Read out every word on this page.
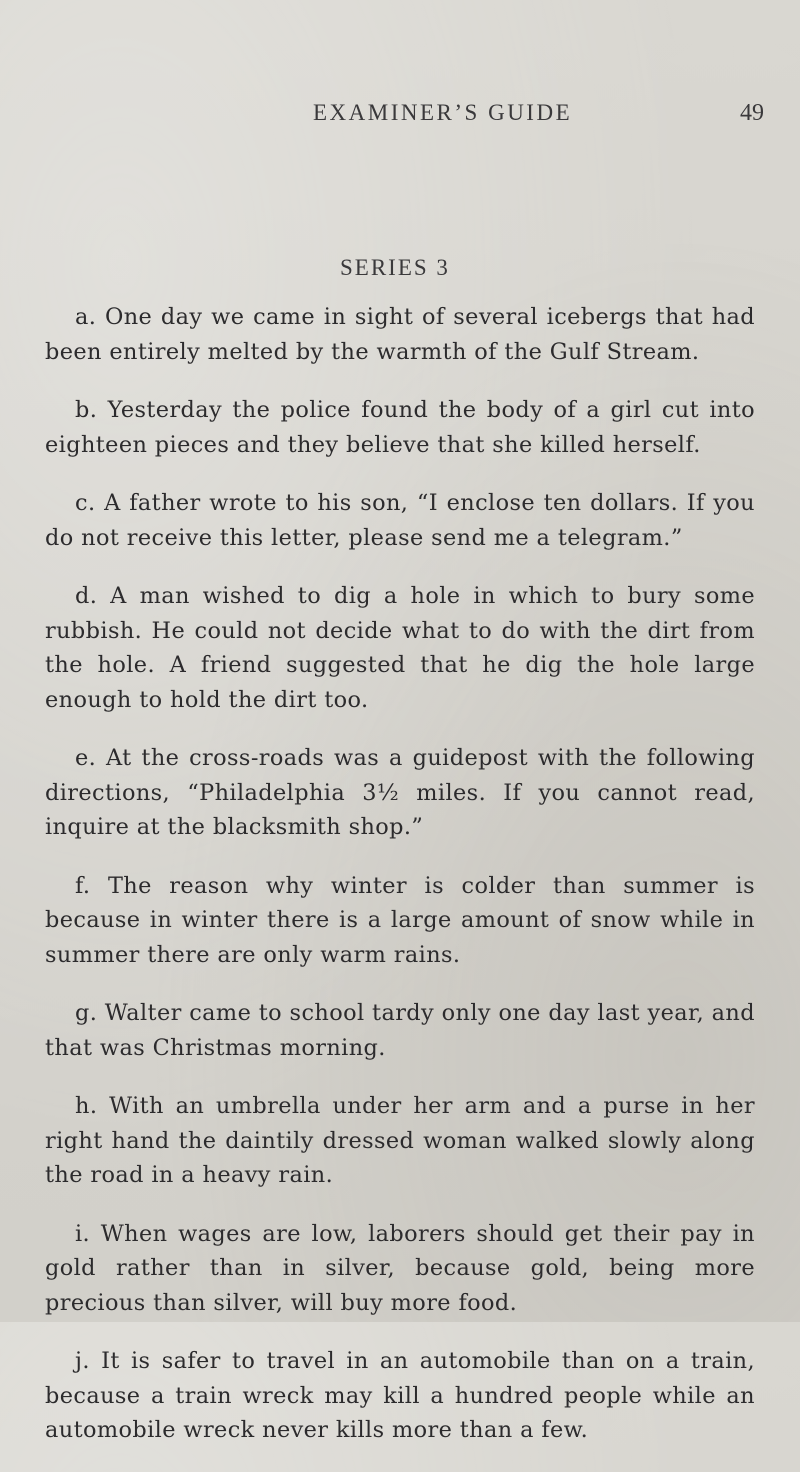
EXAMINER’S GUIDE	49
SERIES 3

a. One day we came in sight of several icebergs that had been entirely melted by the warmth of the Gulf Stream.

b. Yesterday the police found the body of a girl cut into eighteen pieces and they believe that she killed herself.

c. A father wrote to his son, “I enclose ten dollars. If you do not receive this letter, please send me a telegram.”

d. A man wished to dig a hole in which to bury some rubbish. He could not decide what to do with the dirt from the hole. A friend suggested that he dig the hole large enough to hold the dirt too.

e. At the cross-roads was a guidepost with the following directions, “Philadelphia 3½ miles. If you cannot read, inquire at the blacksmith shop.”

f. The reason why winter is colder than summer is because in winter there is a large amount of snow while in summer there are only warm rains.

g. Walter came to school tardy only one day last year, and that was Christmas morning.

h. With an umbrella under her arm and a purse in her right hand the daintily dressed woman walked slowly along the road in a heavy rain.

i. When wages are low, laborers should get their pay in gold rather than in silver, because gold, being more precious than silver, will buy more food.

j. It is safer to travel in an automobile than on a train, because a train wreck may kill a hundred people while an automobile wreck never kills more than a few.
